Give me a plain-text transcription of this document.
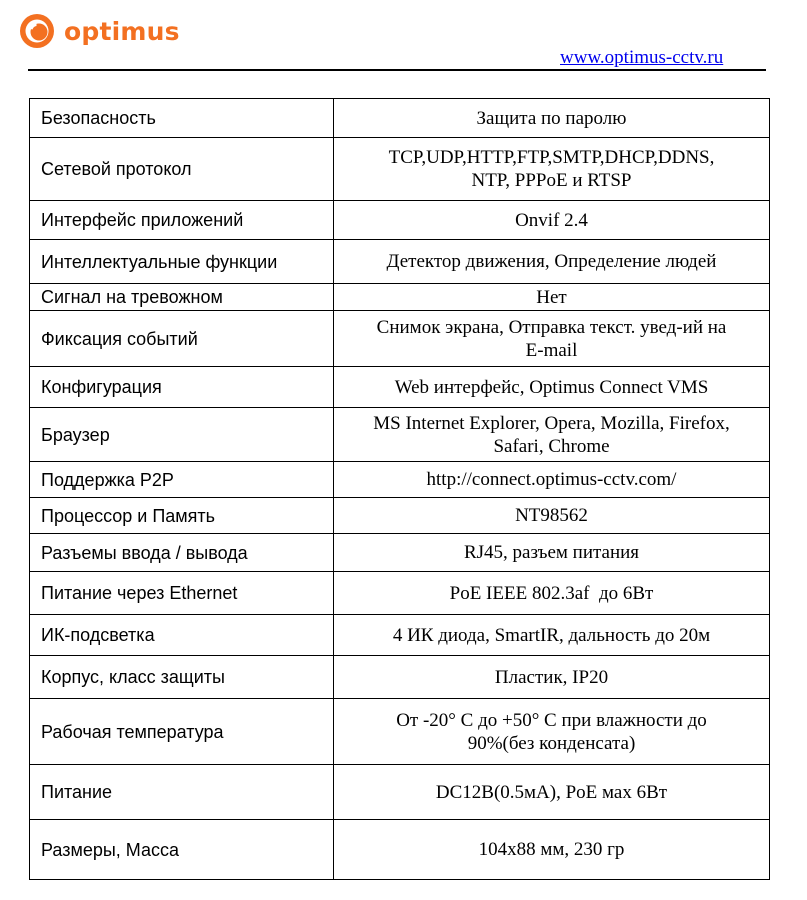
optimus
www.optimus-cctv.ru
Безопасность	Защита по паролю
Сетевой протокол	TCP,UDP,HTTP,FTP,SMTP,DHCP,DDNS,
NTP, PPPoE и RTSP
Интерфейс приложений	Onvif 2.4
Интеллектуальные функции	Детектор движения, Определение людей
Сигнал на тревожном	Нет
Фиксация событий	Снимок экрана, Отправка текст. увед-ий на
E-mail
Конфигурация	Web интерфейс, Optimus Connect VMS
Браузер	MS Internet Explorer, Opera, Mozilla, Firefox,
Safari, Chrome
Поддержка P2P	http://connect.optimus-cctv.com/
Процессор и Память	NT98562
Разъемы ввода / вывода	RJ45, разъем питания
Питание через Ethernet	PoE IEEE 802.3af  до 6Вт
ИК-подсветка	4 ИК диода, SmartIR, дальность до 20м
Корпус, класс защиты	Пластик, IP20
Рабочая температура	От -20° C до +50° C при влажности до
90%(без конденсата)
Питание	DC12В(0.5мА), PoE мах 6Вт
Размеры, Масса	104x88 мм, 230 гр
